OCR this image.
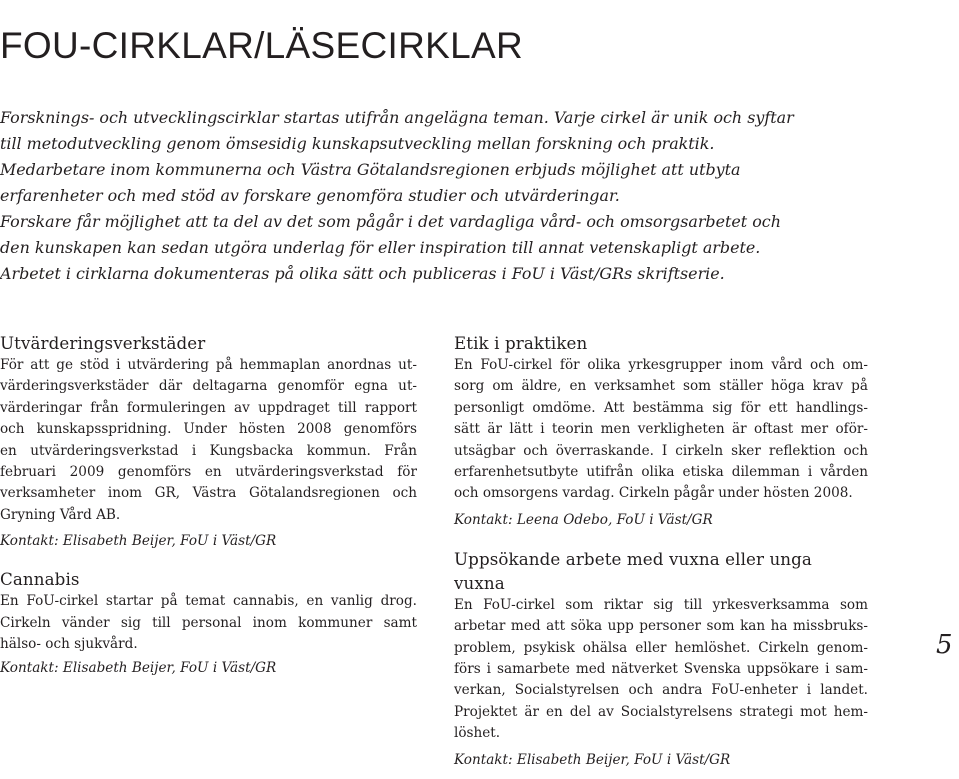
FOU-CIRKLAR/LÄSECIRKLAR

Forsknings- och utvecklingscirklar startas utifrån angelägna teman. Varje cirkel är unik och syftar

till metodutveckling genom ömsesidig kunskapsutveckling mellan forskning och praktik.

Medarbetare inom kommunerna och Västra Götalandsregionen erbjuds möjlighet att utbyta

erfarenheter och med stöd av forskare genomföra studier och utvärderingar.

Forskare får möjlighet att ta del av det som pågår i det vardagliga vård- och omsorgsarbetet och

den kunskapen kan sedan utgöra underlag för eller inspiration till annat vetenskapligt arbete.

Arbetet i cirklarna dokumenteras på olika sätt och publiceras i FoU i Väst/GRs skriftserie.

Utvärderingsverkstäder
För att ge stöd i utvärdering på hemmaplan anordnas ut-
värderingsverkstäder där deltagarna genomför egna ut-
värderingar från formuleringen av uppdraget till rapport
och kunskapsspridning. Under hösten 2008 genomförs
en utvärderingsverkstad i Kungsbacka kommun. Från
februari 2009 genomförs en utvärderingsverkstad för
verksamheter inom GR, Västra Götalandsregionen och
Gryning Vård AB.

Kontakt: Elisabeth Beijer, FoU i Väst/GR

Cannabis
En FoU-cirkel startar på temat cannabis, en vanlig drog.
Cirkeln vänder sig till personal inom kommuner samt
hälso- och sjukvård.

Kontakt: Elisabeth Beijer, FoU i Väst/GR

Etik i praktiken
En FoU-cirkel för olika yrkesgrupper inom vård och om-
sorg om äldre, en verksamhet som ställer höga krav på
personligt omdöme. Att bestämma sig för ett handlings-
sätt är lätt i teorin men verkligheten är oftast mer oför-
utsägbar och överraskande. I cirkeln sker reflektion och
erfarenhetsutbyte utifrån olika etiska dilemman i vården
och omsorgens vardag. Cirkeln pågår under hösten 2008.

Kontakt: Leena Odebo, FoU i Väst/GR

Uppsökande arbete med vuxna eller unga
vuxna
En FoU-cirkel som riktar sig till yrkesverksamma som
arbetar med att söka upp personer som kan ha missbruks-
problem, psykisk ohälsa eller hemlöshet. Cirkeln genom-
förs i samarbete med nätverket Svenska uppsökare i sam-
verkan, Socialstyrelsen och andra FoU-enheter i landet.
Projektet är en del av Socialstyrelsens strategi mot hem-
löshet.

Kontakt: Elisabeth Beijer, FoU i Väst/GR

5
